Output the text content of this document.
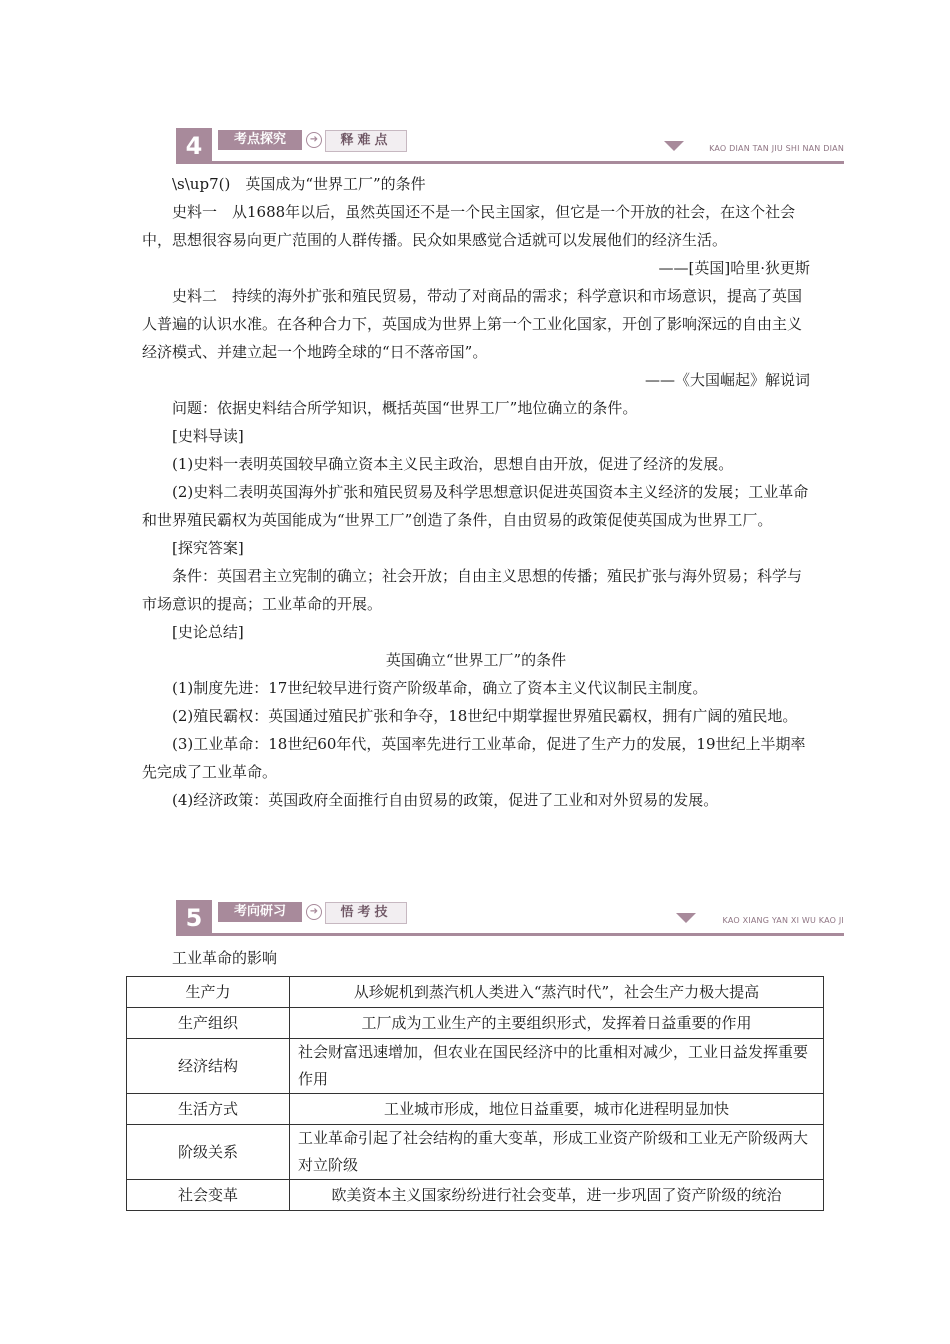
4	考点探究	➜	释难点
KAO DIAN TAN JIU SHI NAN DIAN

\s\up7()　英国成为“世界工厂”的条件

史料一　从1688年以后，虽然英国还不是一个民主国家，但它是一个开放的社会，在这个社会中，思想很容易向更广范围的人群传播。民众如果感觉合适就可以发展他们的经济生活。

——[英国]哈里·狄更斯

史料二　持续的海外扩张和殖民贸易，带动了对商品的需求；科学意识和市场意识，提高了英国人普遍的认识水准。在各种合力下，英国成为世界上第一个工业化国家，开创了影响深远的自由主义经济模式、并建立起一个地跨全球的“日不落帝国”。

——《大国崛起》解说词

问题：依据史料结合所学知识，概括英国“世界工厂”地位确立的条件。

[史料导读]

(1)史料一表明英国较早确立资本主义民主政治，思想自由开放，促进了经济的发展。

(2)史料二表明英国海外扩张和殖民贸易及科学思想意识促进英国资本主义经济的发展；工业革命和世界殖民霸权为英国能成为“世界工厂”创造了条件，自由贸易的政策促使英国成为世界工厂。

[探究答案]

条件：英国君主立宪制的确立；社会开放；自由主义思想的传播；殖民扩张与海外贸易；科学与市场意识的提高；工业革命的开展。

[史论总结]

英国确立“世界工厂”的条件

(1)制度先进：17世纪较早进行资产阶级革命，确立了资本主义代议制民主制度。

(2)殖民霸权：英国通过殖民扩张和争夺，18世纪中期掌握世界殖民霸权，拥有广阔的殖民地。

(3)工业革命：18世纪60年代，英国率先进行工业革命，促进了生产力的发展，19世纪上半期率先完成了工业革命。

(4)经济政策：英国政府全面推行自由贸易的政策，促进了工业和对外贸易的发展。

5	考向研习	➜	悟考技
KAO XIANG YAN XI WU KAO JI

工业革命的影响

生产力	从珍妮机到蒸汽机人类进入“蒸汽时代”，社会生产力极大提高
生产组织	工厂成为工业生产的主要组织形式，发挥着日益重要的作用
经济结构	社会财富迅速增加，但农业在国民经济中的比重相对减少，工业日益发挥重要作用
生活方式	工业城市形成，地位日益重要，城市化进程明显加快
阶级关系	工业革命引起了社会结构的重大变革，形成工业资产阶级和工业无产阶级两大对立阶级
社会变革	欧美资本主义国家纷纷进行社会变革，进一步巩固了资产阶级的统治
